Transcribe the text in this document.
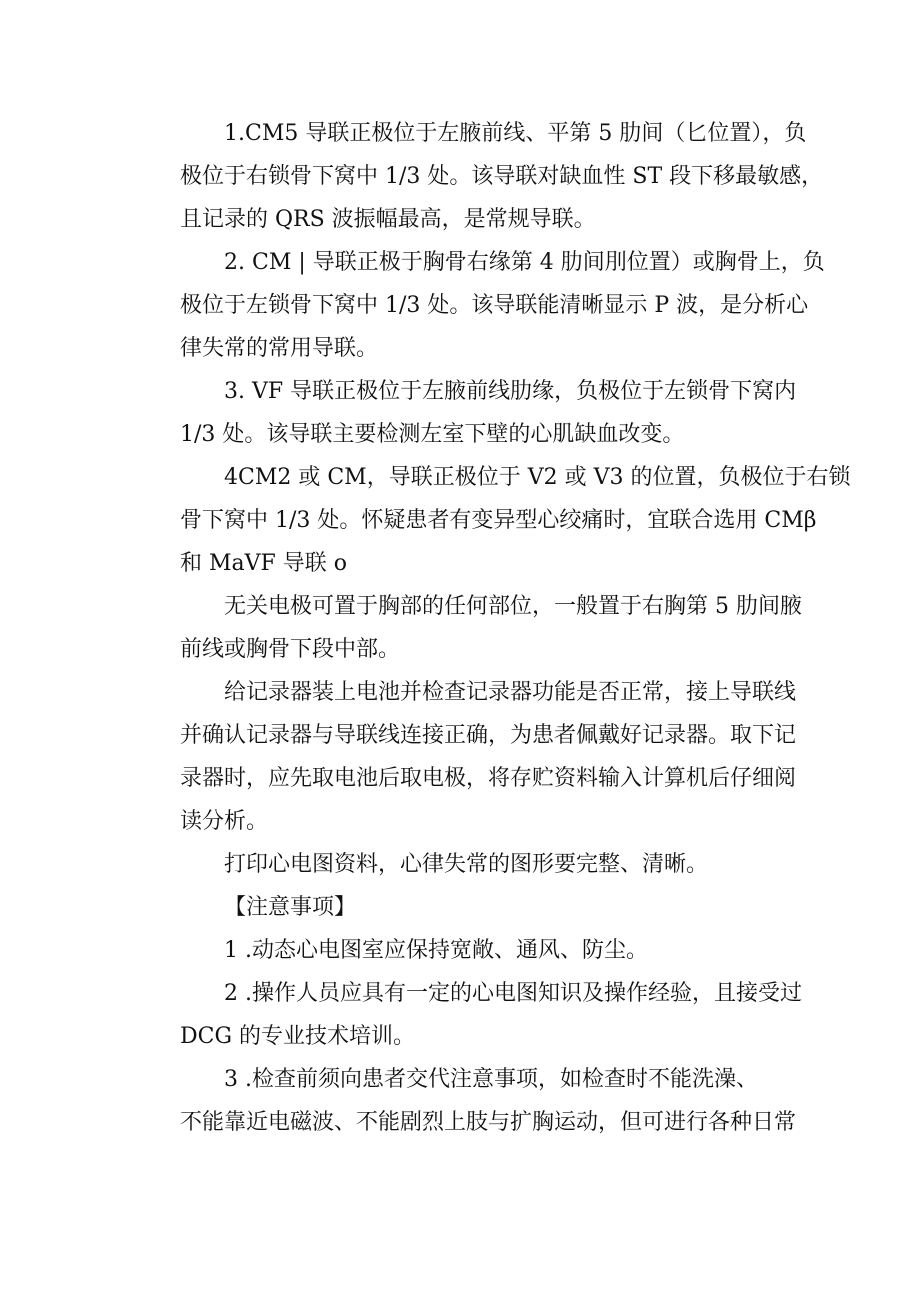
1.CM5 导联正极位于左腋前线、平第 5 肋间（匕位置），负
极位于右锁骨下窝中 1/3 处。该导联对缺血性 ST 段下移最敏感，
且记录的 QRS 波振幅最高，是常规导联。
2. CM | 导联正极于胸骨右缘第 4 肋间刖位置）或胸骨上，负
极位于左锁骨下窝中 1/3 处。该导联能清晰显示 P 波，是分析心
律失常的常用导联。
3. VF 导联正极位于左腋前线肋缘，负极位于左锁骨下窝内
1/3 处。该导联主要检测左室下壁的心肌缺血改变。
4CM2 或 CM，导联正极位于 V2 或 V3 的位置，负极位于右锁
骨下窝中 1/3 处。怀疑患者有变异型心绞痛时，宜联合选用 CMβ
和 MaVF 导联 o
无关电极可置于胸部的任何部位，一般置于右胸第 5 肋间腋
前线或胸骨下段中部。
给记录器装上电池并检查记录器功能是否正常，接上导联线
并确认记录器与导联线连接正确，为患者佩戴好记录器。取下记
录器时，应先取电池后取电极，将存贮资料输入计算机后仔细阅
读分析。
打印心电图资料，心律失常的图形要完整、清晰。
【注意事项】
1 .动态心电图室应保持宽敞、通风、防尘。
2 .操作人员应具有一定的心电图知识及操作经验，且接受过
DCG 的专业技术培训。
3 .检查前须向患者交代注意事项，如检查时不能洗澡、
不能靠近电磁波、不能剧烈上肢与扩胸运动，但可进行各种日常
